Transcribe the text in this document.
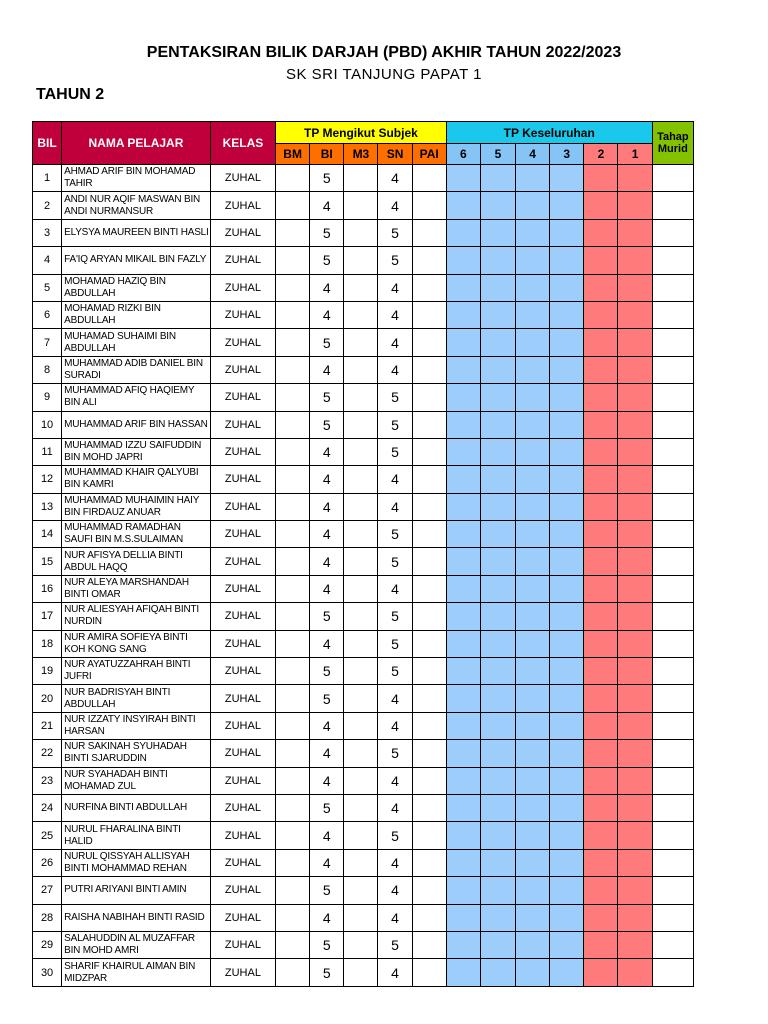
PENTAKSIRAN BILIK DARJAH (PBD) AKHIR TAHUN 2022/2023
SK SRI TANJUNG PAPAT 1
TAHUN 2
BIL	NAMA PELAJAR	KELAS	TP Mengikut Subjek					TP Keseluruhan						Tahap Murid
			BM	BI	M3	SN	PAI	6	5	4	3	2	1	
1	AHMAD ARIF BIN MOHAMAD TAHIR	ZUHAL		5		4								
2	ANDI NUR AQIF MASWAN BIN ANDI NURMANSUR	ZUHAL		4		4								
3	ELYSYA MAUREEN BINTI HASLI	ZUHAL		5		5								
4	FA'IQ ARYAN MIKAIL BIN FAZLY	ZUHAL		5		5								
5	MOHAMAD HAZIQ BIN ABDULLAH	ZUHAL		4		4								
6	MOHAMAD RIZKI BIN ABDULLAH	ZUHAL		4		4								
7	MUHAMAD SUHAIMI BIN ABDULLAH	ZUHAL		5		4								
8	MUHAMMAD ADIB DANIEL BIN SURADI	ZUHAL		4		4								
9	MUHAMMAD AFIQ HAQIEMY BIN ALI	ZUHAL		5		5								
10	MUHAMMAD ARIF BIN HASSAN	ZUHAL		5		5								
11	MUHAMMAD IZZU SAIFUDDIN BIN MOHD JAPRI	ZUHAL		4		5								
12	MUHAMMAD KHAIR QALYUBI BIN KAMRI	ZUHAL		4		4								
13	MUHAMMAD MUHAIMIN HAIY BIN FIRDAUZ ANUAR	ZUHAL		4		4								
14	MUHAMMAD RAMADHAN SAUFI BIN M.S.SULAIMAN	ZUHAL		4		5								
15	NUR AFISYA DELLIA BINTI ABDUL HAQQ	ZUHAL		4		5								
16	NUR ALEYA MARSHANDAH BINTI OMAR	ZUHAL		4		4								
17	NUR ALIESYAH AFIQAH BINTI NURDIN	ZUHAL		5		5								
18	NUR AMIRA SOFIEYA BINTI KOH KONG SANG	ZUHAL		4		5								
19	NUR AYATUZZAHRAH BINTI JUFRI	ZUHAL		5		5								
20	NUR BADRISYAH BINTI ABDULLAH	ZUHAL		5		4								
21	NUR IZZATY INSYIRAH BINTI HARSAN	ZUHAL		4		4								
22	NUR SAKINAH SYUHADAH BINTI SJARUDDIN	ZUHAL		4		5								
23	NUR SYAHADAH BINTI MOHAMAD ZUL	ZUHAL		4		4								
24	NURFINA BINTI ABDULLAH	ZUHAL		5		4								
25	NURUL FHARALINA BINTI HALID	ZUHAL		4		5								
26	NURUL QISSYAH ALLISYAH BINTI MOHAMMAD REHAN	ZUHAL		4		4								
27	PUTRI ARIYANI BINTI AMIN	ZUHAL		5		4								
28	RAISHA NABIHAH BINTI RASID	ZUHAL		4		4								
29	SALAHUDDIN AL MUZAFFAR BIN MOHD AMRI	ZUHAL		5		5								
30	SHARIF KHAIRUL AIMAN BIN MIDZPAR	ZUHAL		5		4								
